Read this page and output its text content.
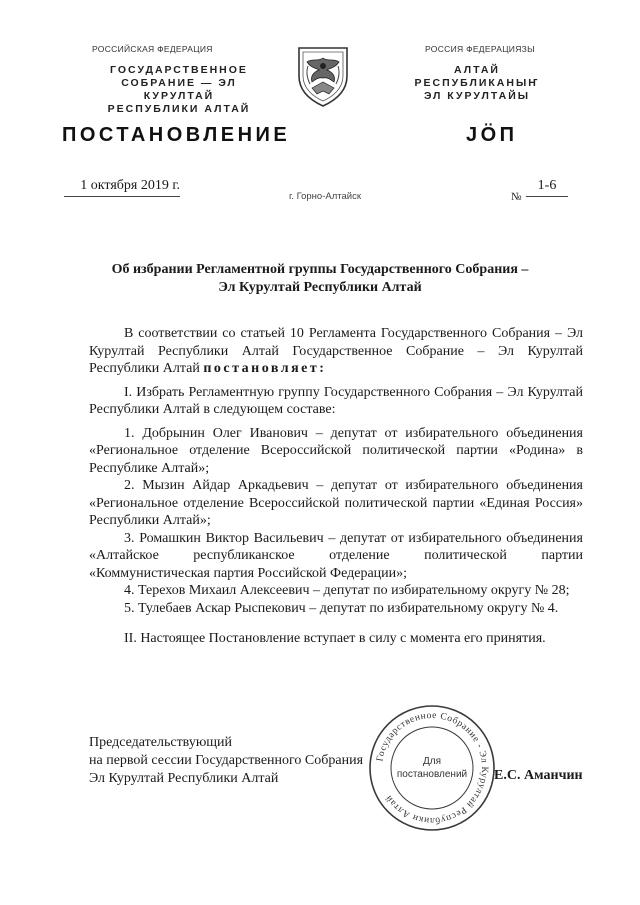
РОССИЙСКАЯ ФЕДЕРАЦИЯ
ГОСУДАРСТВЕННОЕ
СОБРАНИЕ — ЭЛ КУРУЛТАЙ
РЕСПУБЛИКИ АЛТАЙ
РОССИЯ ФЕДЕРАЦИЯЗЫ
АЛТАЙ РЕСПУБЛИКАНЫҤ
ЭЛ КУРУЛТАЙЫ
ПОСТАНОВЛЕНИЕ	JÖП
1 октября 2019 г.
г. Горно-Алтайск	№
1-6
Об избрании Регламентной группы Государственного Собрания –
Эл Курултай Республики Алтай

В соответствии со статьей 10 Регламента Государственного Собрания – Эл Курултай Республики Алтай Государственное Собрание – Эл Курултай Республики Алтай постановляет:

I. Избрать Регламентную группу Государственного Собрания – Эл Курултай Республики Алтай в следующем составе:

1. Добрынин Олег Иванович – депутат от избирательного объединения «Региональное отделение Всероссийской политической партии «Родина» в Республике Алтай»;

2. Мызин Айдар Аркадьевич – депутат от избирательного объединения «Региональное отделение Всероссийской политической партии «Единая Россия» Республики Алтай»;

3. Ромашкин Виктор Васильевич – депутат от избирательного объединения «Алтайское республиканское отделение политической партии «Коммунистическая партия Российской Федерации»;

4. Терехов Михаил Алексеевич – депутат по избирательному округу № 28;

5. Тулебаев Аскар Рыспекович – депутат по избирательному округу № 4.

II. Настоящее Постановление вступает в силу с момента его принятия.

Председательствующий
на первой сессии Государственного Собрания
Эл Курултай Республики Алтай
Государственное Собрание - Эл Курултай Республики Алтай
Для
постановлений Е.С. Аманчин
